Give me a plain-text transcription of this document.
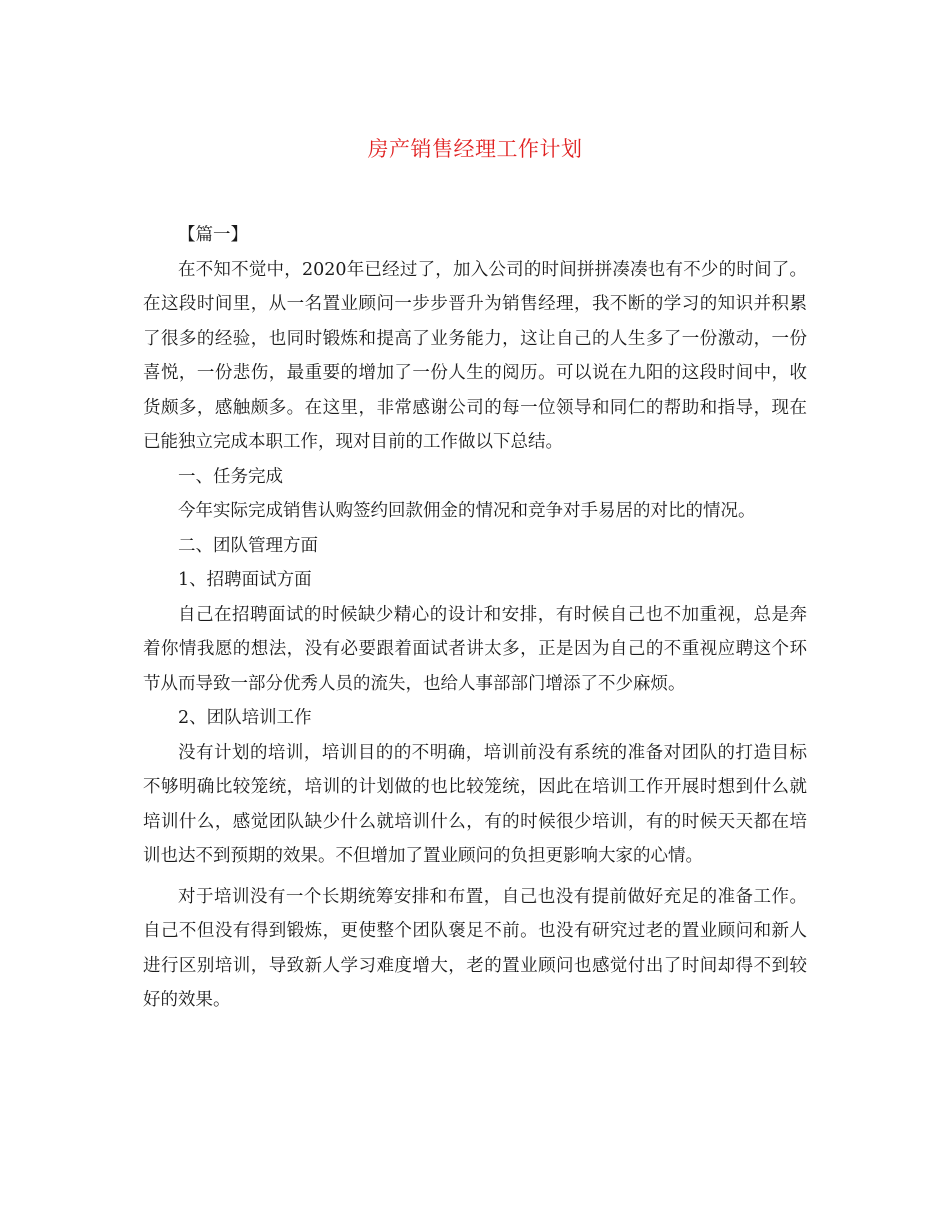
房产销售经理工作计划

【篇一】

在不知不觉中，2020年已经过了，加入公司的时间拼拼凑凑也有不少的时间了。在这段时间里，从一名置业顾问一步步晋升为销售经理，我不断的学习的知识并积累了很多的经验，也同时锻炼和提高了业务能力，这让自己的人生多了一份激动，一份喜悦，一份悲伤，最重要的增加了一份人生的阅历。可以说在九阳的这段时间中，收货颇多，感触颇多。在这里，非常感谢公司的每一位领导和同仁的帮助和指导，现在已能独立完成本职工作，现对目前的工作做以下总结。

一、任务完成

今年实际完成销售认购签约回款佣金的情况和竞争对手易居的对比的情况。

二、团队管理方面

1、招聘面试方面

自己在招聘面试的时候缺少精心的设计和安排，有时候自己也不加重视，总是奔着你情我愿的想法，没有必要跟着面试者讲太多，正是因为自己的不重视应聘这个环节从而导致一部分优秀人员的流失，也给人事部部门增添了不少麻烦。

2、团队培训工作

没有计划的培训，培训目的的不明确，培训前没有系统的准备对团队的打造目标不够明确比较笼统，培训的计划做的也比较笼统，因此在培训工作开展时想到什么就培训什么，感觉团队缺少什么就培训什么，有的时候很少培训，有的时候天天都在培训也达不到预期的效果。不但增加了置业顾问的负担更影响大家的心情。

对于培训没有一个长期统筹安排和布置，自己也没有提前做好充足的准备工作。自己不但没有得到锻炼，更使整个团队褒足不前。也没有研究过老的置业顾问和新人进行区别培训，导致新人学习难度增大，老的置业顾问也感觉付出了时间却得不到较好的效果。
